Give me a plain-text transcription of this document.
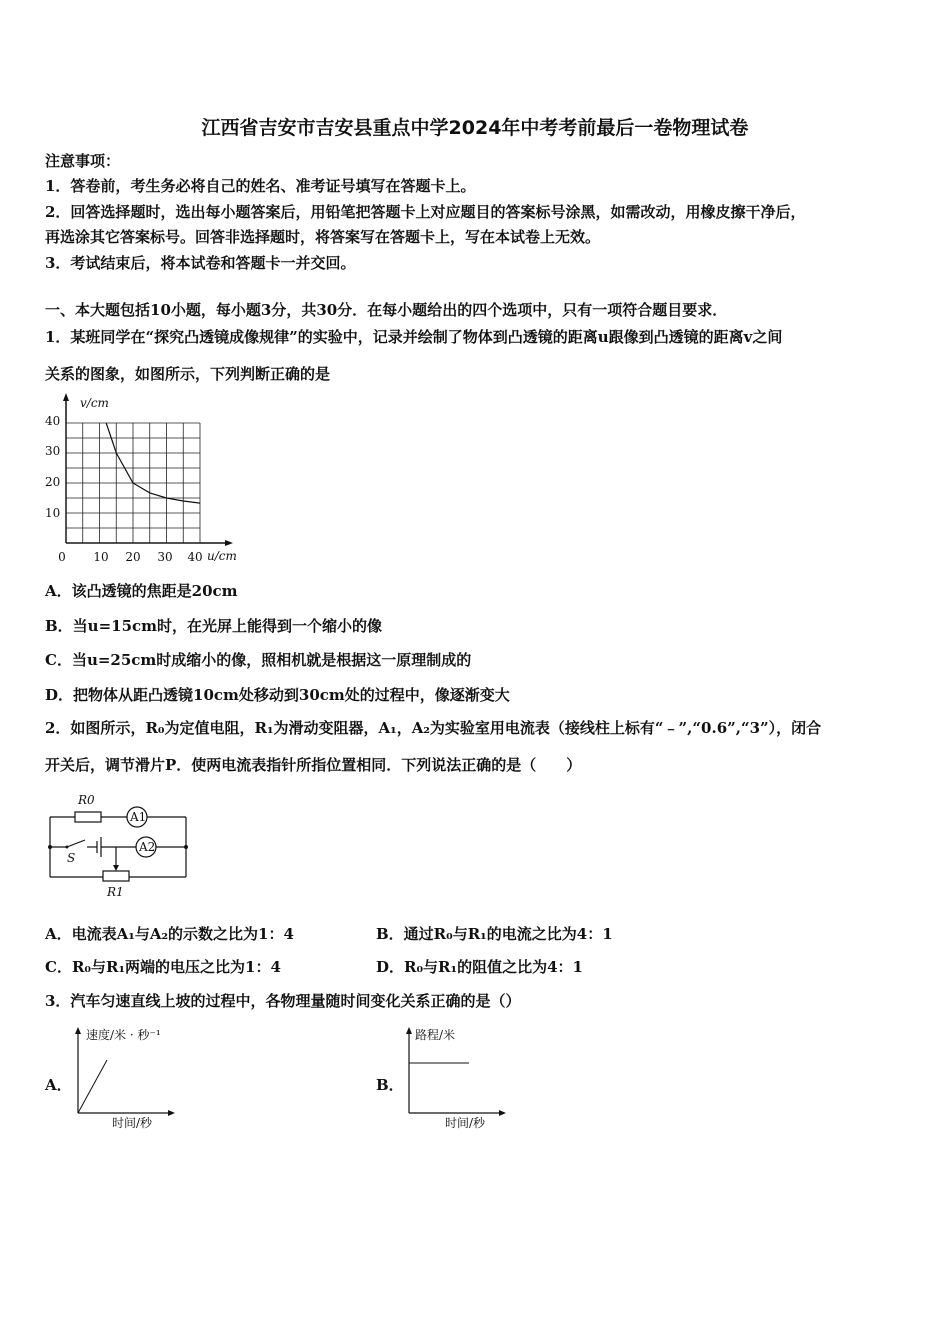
江西省吉安市吉安县重点中学2024年中考考前最后一卷物理试卷
注意事项：
1．答卷前，考生务必将自己的姓名、准考证号填写在答题卡上。
2．回答选择题时，选出每小题答案后，用铅笔把答题卡上对应题目的答案标号涂黑，如需改动，用橡皮擦干净后，
再选涂其它答案标号。回答非选择题时，将答案写在答题卡上，写在本试卷上无效。
3．考试结束后，将本试卷和答题卡一并交回。
一、本大题包括10小题，每小题3分，共30分．在每小题给出的四个选项中，只有一项符合题目要求．
1．某班同学在“探究凸透镜成像规律”的实验中，记录并绘制了物体到凸透镜的距离u跟像到凸透镜的距离v之间
关系的图象，如图所示，下列判断正确的是
v/cm
u/cm
0 10 20 30 40
10
20
30
40
A．该凸透镜的焦距是20cm
B．当u=15cm时，在光屏上能得到一个缩小的像
C．当u=25cm时成缩小的像，照相机就是根据这一原理制成的
D．把物体从距凸透镜10cm处移动到30cm处的过程中，像逐渐变大
2．如图所示，R₀为定值电阻，R₁为滑动变阻器，A₁，A₂为实验室用电流表（接线柱上标有“﹣”,“0.6”,“3”），闭合
开关后，调节滑片P．使两电流表指针所指位置相同．下列说法正确的是（　　）
R0
A1
A2
S
R1
A．电流表A₁与A₂的示数之比为1：4	B．通过R₀与R₁的电流之比为4：1
C．R₀与R₁两端的电压之比为1：4	D．R₀与R₁的阻值之比为4：1
3．汽车匀速直线上坡的过程中，各物理量随时间变化关系正确的是（）
A．
速度/米 · 秒⁻¹
时间/秒
B．
路程/米
时间/秒
